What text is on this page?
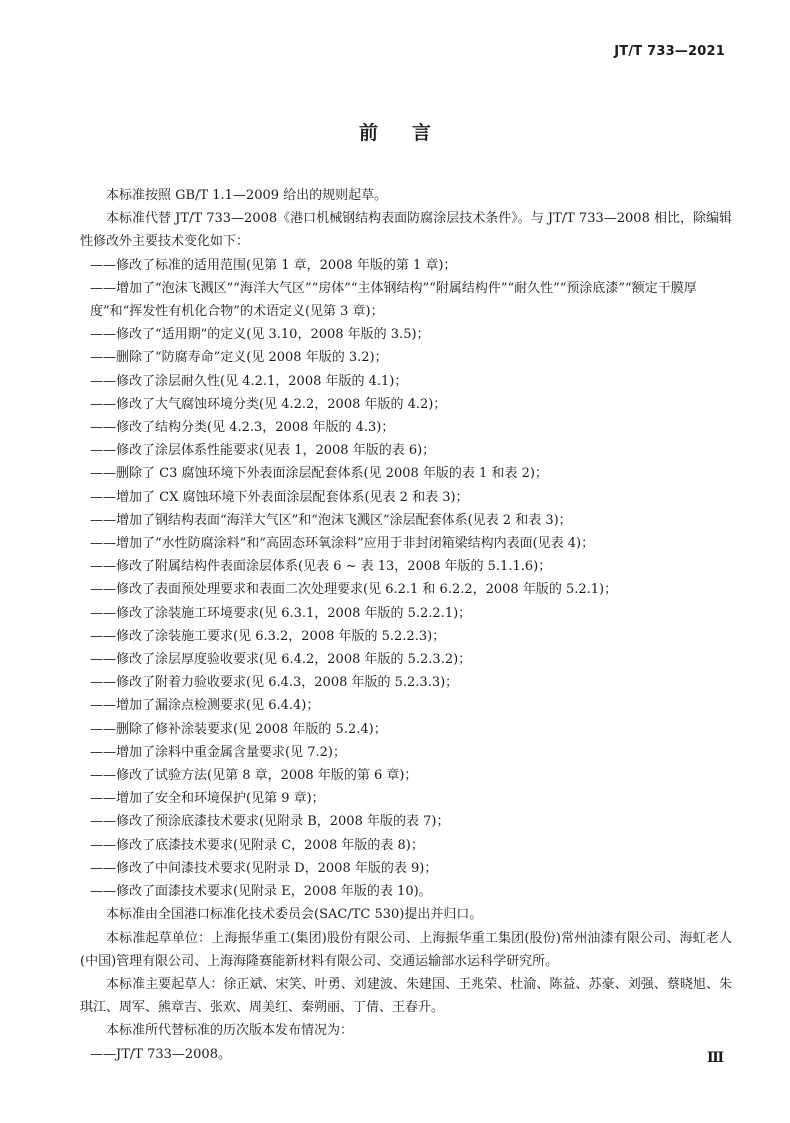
JT/T 733—2021
前言

本标准按照 GB/T 1.1—2009 给出的规则起草。

本标准代替 JT/T 733—2008《港口机械钢结构表面防腐涂层技术条件》。与 JT/T 733—2008 相比，除编辑性修改外主要技术变化如下：

——修改了标准的适用范围(见第 1 章，2008 年版的第 1 章)；

——增加了“泡沫飞溅区”“海洋大气区”“房体”“主体钢结构”“附属结构件”“耐久性”“预涂底漆”“额定干膜厚度”和“挥发性有机化合物”的术语定义(见第 3 章)；

——修改了“适用期”的定义(见 3.10，2008 年版的 3.5)；

——删除了“防腐寿命”定义(见 2008 年版的 3.2)；

——修改了涂层耐久性(见 4.2.1，2008 年版的 4.1)；

——修改了大气腐蚀环境分类(见 4.2.2，2008 年版的 4.2)；

——修改了结构分类(见 4.2.3，2008 年版的 4.3)；

——修改了涂层体系性能要求(见表 1，2008 年版的表 6)；

——删除了 C3 腐蚀环境下外表面涂层配套体系(见 2008 年版的表 1 和表 2)；

——增加了 CX 腐蚀环境下外表面涂层配套体系(见表 2 和表 3)；

——增加了钢结构表面“海洋大气区”和“泡沫飞溅区”涂层配套体系(见表 2 和表 3)；

——增加了“水性防腐涂料”和“高固态环氧涂料”应用于非封闭箱梁结构内表面(见表 4)；

——修改了附属结构件表面涂层体系(见表 6 ~ 表 13，2008 年版的 5.1.1.6)；

——修改了表面预处理要求和表面二次处理要求(见 6.2.1 和 6.2.2，2008 年版的 5.2.1)；

——修改了涂装施工环境要求(见 6.3.1，2008 年版的 5.2.2.1)；

——修改了涂装施工要求(见 6.3.2，2008 年版的 5.2.2.3)；

——修改了涂层厚度验收要求(见 6.4.2，2008 年版的 5.2.3.2)；

——修改了附着力验收要求(见 6.4.3，2008 年版的 5.2.3.3)；

——增加了漏涂点检测要求(见 6.4.4)；

——删除了修补涂装要求(见 2008 年版的 5.2.4)；

——增加了涂料中重金属含量要求(见 7.2)；

——修改了试验方法(见第 8 章，2008 年版的第 6 章)；

——增加了安全和环境保护(见第 9 章)；

——修改了预涂底漆技术要求(见附录 B，2008 年版的表 7)；

——修改了底漆技术要求(见附录 C，2008 年版的表 8)；

——修改了中间漆技术要求(见附录 D，2008 年版的表 9)；

——修改了面漆技术要求(见附录 E，2008 年版的表 10)。

本标准由全国港口标准化技术委员会(SAC/TC 530)提出并归口。

本标准起草单位：上海振华重工(集团)股份有限公司、上海振华重工集团(股份)常州油漆有限公司、海虹老人(中国)管理有限公司、上海海隆赛能新材料有限公司、交通运输部水运科学研究所。

本标准主要起草人：徐正斌、宋笑、叶勇、刘建波、朱建国、王兆荣、杜渝、陈益、苏豪、刘强、蔡晓旭、朱琪江、周军、熊章吉、张欢、周美红、秦朔丽、丁倩、王春升。

本标准所代替标准的历次版本发布情况为：

——JT/T 733—2008。	Ⅲ
